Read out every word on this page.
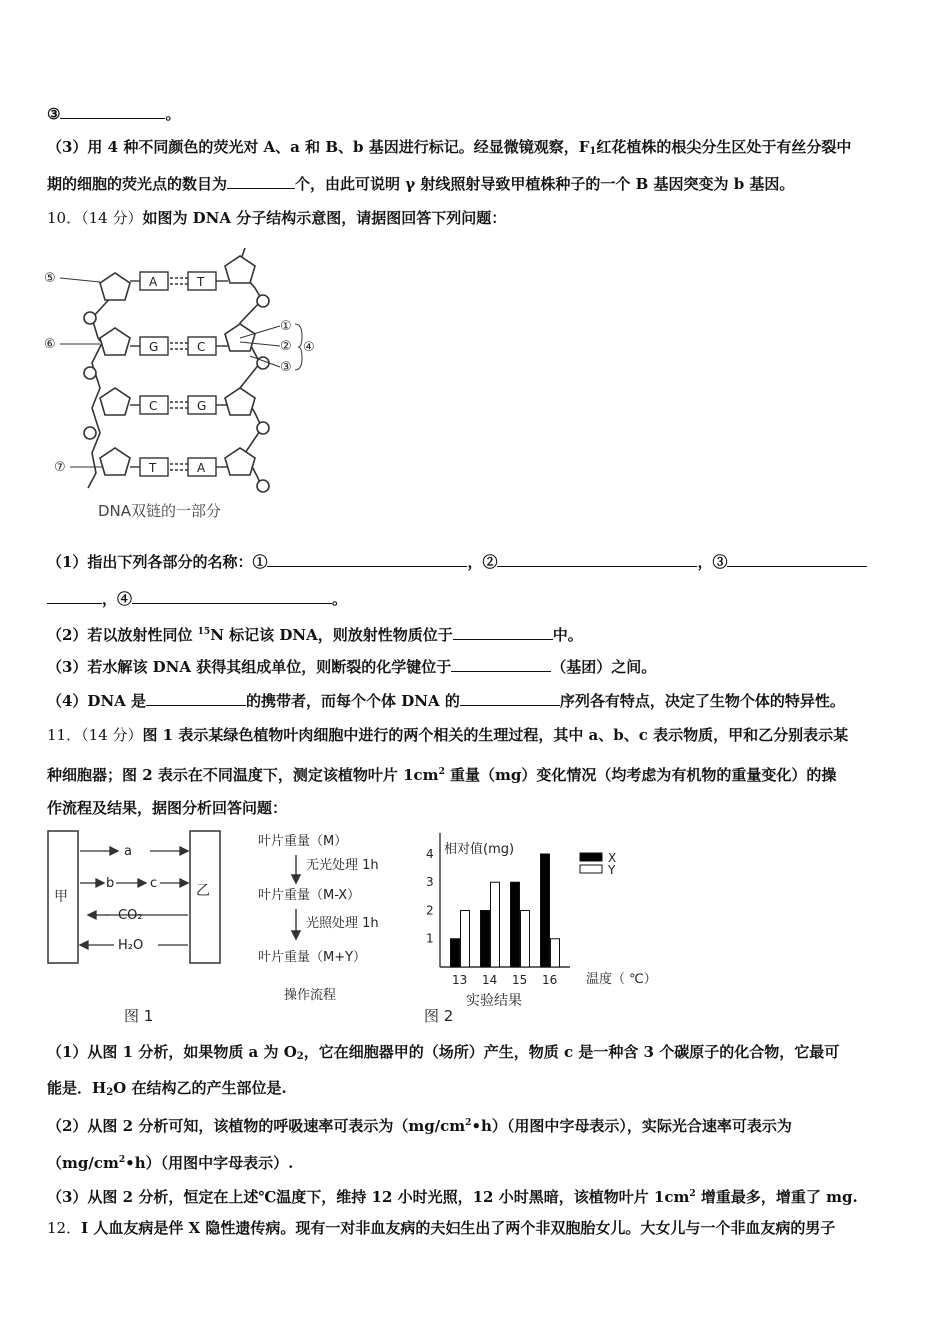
③	。
（3）用 4 种不同颜色的荧光对 A、a 和 B、b 基因进行标记。经显微镜观察，$F_1$红花植株的根尖分生区处于有丝分裂中
期的细胞的荧光点的数目为	个，由此可说明 γ 射线照射导致甲植株种子的一个 B 基因突变为 b 基因。
10．（14 分）如图为 DNA 分子结构示意图，请据图回答下列问题：
A	T
G	C
C	G
T	A
⑤
⑥
⑦
①
②
③
④
DNA双链的一部分
（1）指出下列各部分的名称：①	，②	，③
，④	。
（2）若以放射性同位 $^{15}$N 标记该 DNA，则放射性物质位于	中。
（3）若水解该 DNA 获得其组成单位，则断裂的化学键位于	（基团）之间。
（4）DNA 是	的携带者，而每个个体 DNA 的	序列各有特点，决定了生物个体的特异性。
11．（14 分）图 1 表示某绿色植物叶肉细胞中进行的两个相关的生理过程，其中 a、b、c 表示物质，甲和乙分别表示某
种细胞器；图 2 表示在不同温度下，测定该植物叶片 $1cm^2$ 重量（mg）变化情况（均考虑为有机物的重量变化）的操
作流程及结果，据图分析回答问题：
甲	乙
a
b	c
CO₂
H₂O
图 1
叶片重量（M）
无光处理 1h
叶片重量（M-X）
光照处理 1h
叶片重量（M+Y）
操作流程
相对值(mg)
1
2
3
4
13 14 15 16 温度（ ℃）
X
Y
实验结果
图 2
（1）从图 1 分析，如果物质 a 为 $O_2$，它在细胞器甲的（场所）产生，物质 c 是一种含 3 个碳原子的化合物，它最可
能是．$H_2O$ 在结构乙的产生部位是.
（2）从图 2 分析可知，该植物的呼吸速率可表示为$(mg/cm^2•h)$（用图中字母表示），实际光合速率可表示为
$(mg/cm^2•h)$（用图中字母表示）.
（3）从图 2 分析，恒定在上述℃温度下，维持 12 小时光照，12 小时黑暗，该植物叶片 $1cm^2$ 增重最多，增重了 mg.
12．I 人血友病是伴 X 隐性遗传病。现有一对非血友病的夫妇生出了两个非双胞胎女儿。大女儿与一个非血友病的男子
